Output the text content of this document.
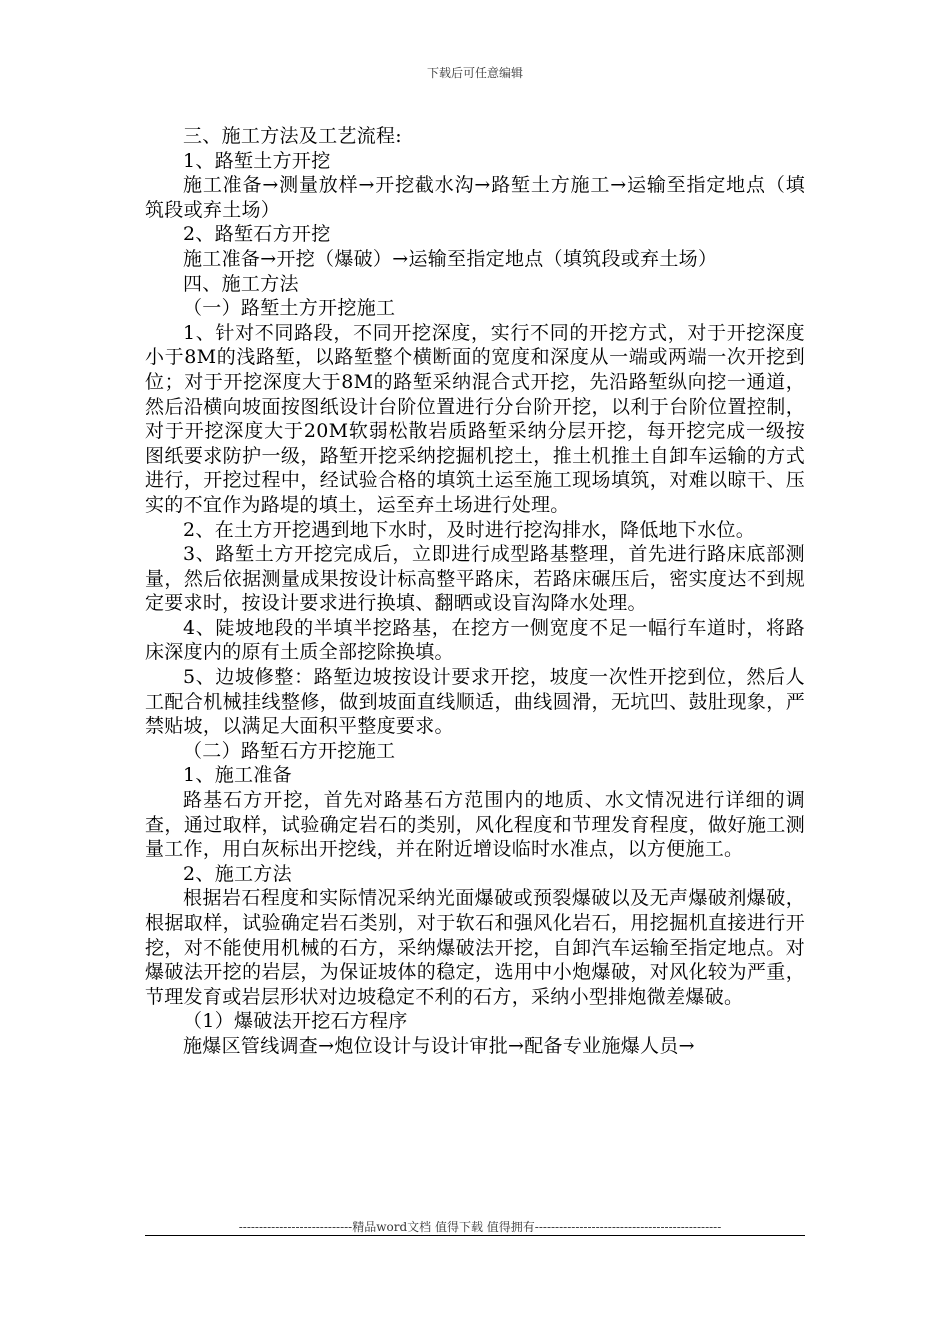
下载后可任意编辑

三、施工方法及工艺流程:

1、路堑土方开挖

施工准备→测量放样→开挖截水沟→路堑土方施工→运输至指定地点（填筑段或弃土场）

2、路堑石方开挖

施工准备→开挖（爆破）→运输至指定地点（填筑段或弃土场）

四、施工方法

（一）路堑土方开挖施工

1、针对不同路段，不同开挖深度，实行不同的开挖方式，对于开挖深度小于8M的浅路堑，以路堑整个横断面的宽度和深度从一端或两端一次开挖到位；对于开挖深度大于8M的路堑采纳混合式开挖，先沿路堑纵向挖一通道，然后沿横向坡面按图纸设计台阶位置进行分台阶开挖，以利于台阶位置控制，对于开挖深度大于20M软弱松散岩质路堑采纳分层开挖，每开挖完成一级按图纸要求防护一级，路堑开挖采纳挖掘机挖土，推土机推土自卸车运输的方式进行，开挖过程中，经试验合格的填筑土运至施工现场填筑，对难以晾干、压实的不宜作为路堤的填土，运至弃土场进行处理。

2、在土方开挖遇到地下水时，及时进行挖沟排水，降低地下水位。

3、路堑土方开挖完成后，立即进行成型路基整理，首先进行路床底部测量，然后依据测量成果按设计标高整平路床，若路床碾压后，密实度达不到规定要求时，按设计要求进行换填、翻晒或设盲沟降水处理。

4、陡坡地段的半填半挖路基，在挖方一侧宽度不足一幅行车道时，将路床深度内的原有土质全部挖除换填。

5、边坡修整：路堑边坡按设计要求开挖，坡度一次性开挖到位，然后人工配合机械挂线整修，做到坡面直线顺适，曲线圆滑，无坑凹、鼓肚现象，严禁贴坡，以满足大面积平整度要求。

（二）路堑石方开挖施工

1、施工准备

路基石方开挖，首先对路基石方范围内的地质、水文情况进行详细的调查，通过取样，试验确定岩石的类别，风化程度和节理发育程度，做好施工测量工作，用白灰标出开挖线，并在附近增设临时水准点，以方便施工。

2、施工方法

根据岩石程度和实际情况采纳光面爆破或预裂爆破以及无声爆破剂爆破，根据取样，试验确定岩石类别，对于软石和强风化岩石，用挖掘机直接进行开挖，对不能使用机械的石方，采纳爆破法开挖，自卸汽车运输至指定地点。对爆破法开挖的岩层，为保证坡体的稳定，选用中小炮爆破，对风化较为严重，节理发育或岩层形状对边坡稳定不利的石方，采纳小型排炮微差爆破。

（1）爆破法开挖石方程序

施爆区管线调查→炮位设计与设计审批→配备专业施爆人员→

----------------------------精品word文档 值得下载 值得拥有----------------------------------------------
